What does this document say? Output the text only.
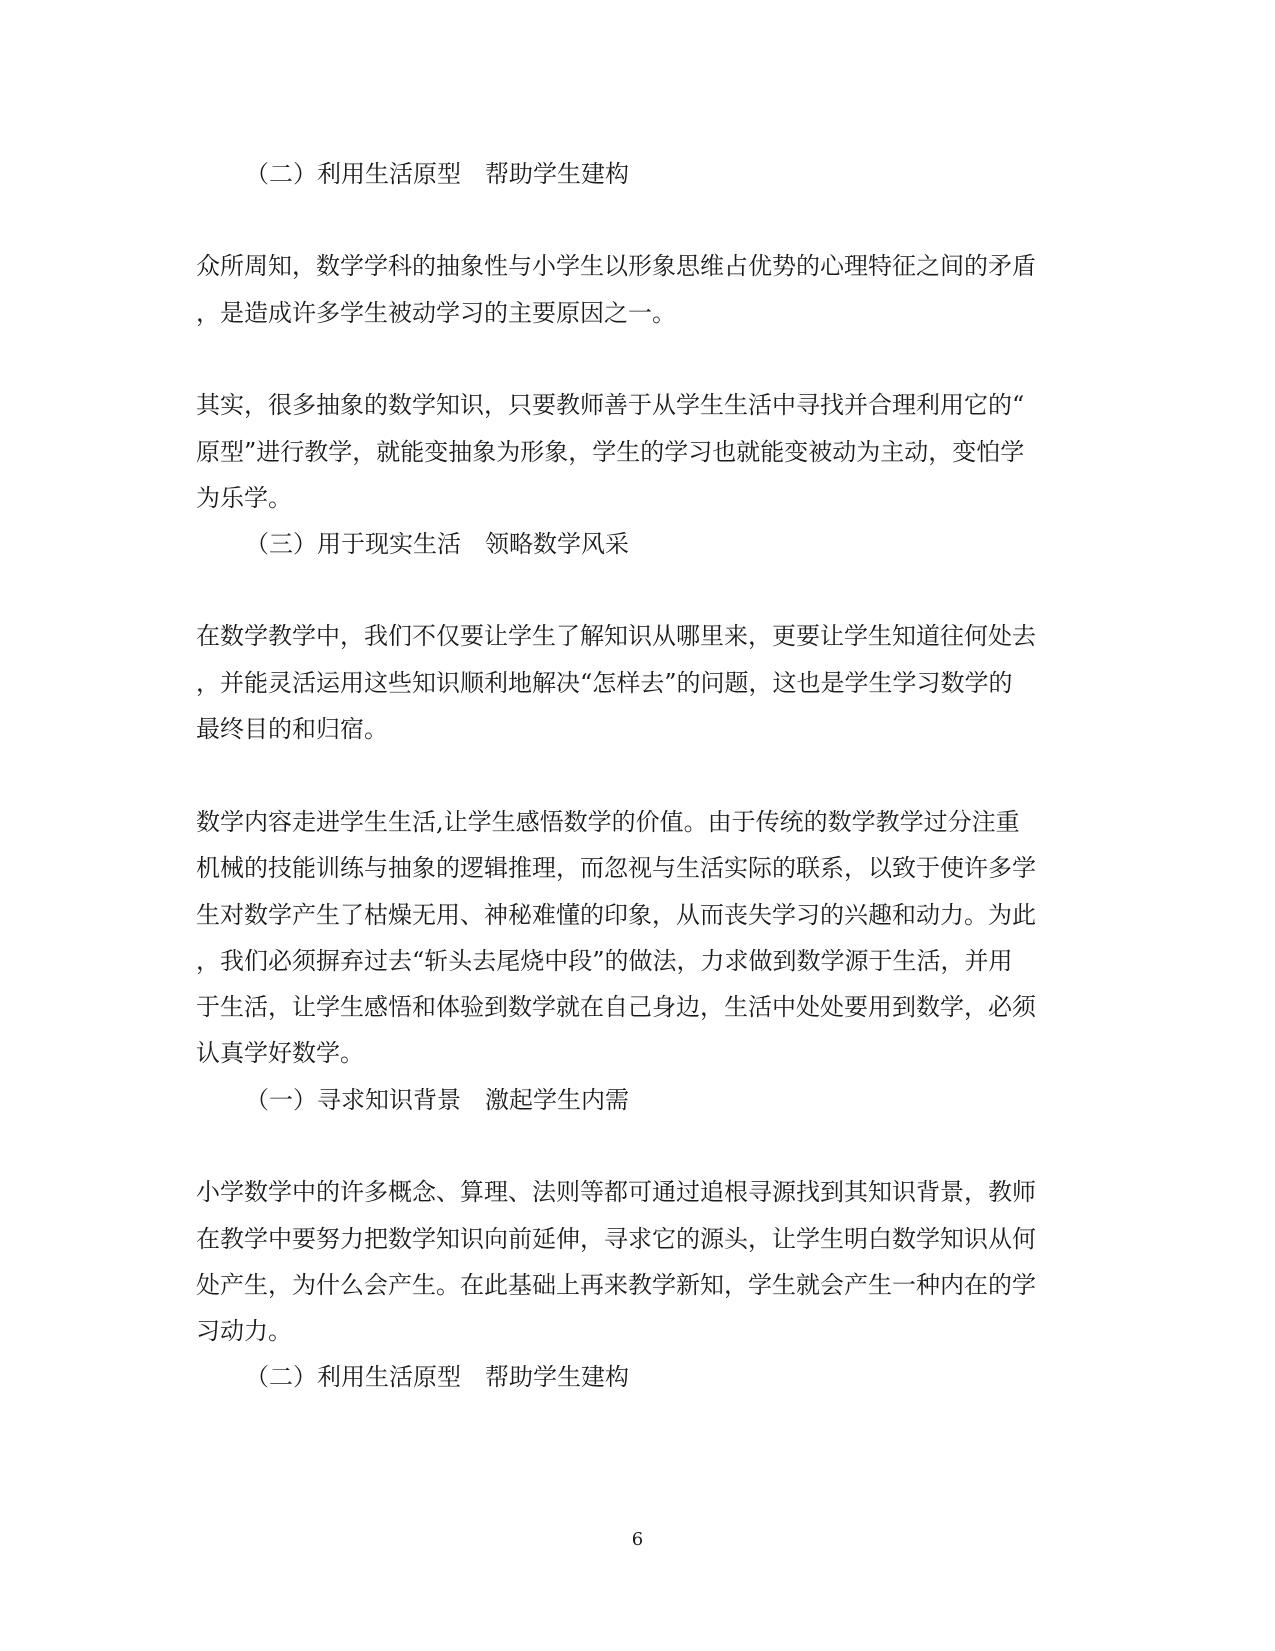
（二）利用生活原型　帮助学生建构
众所周知，数学学科的抽象性与小学生以形象思维占优势的心理特征之间的矛盾
，是造成许多学生被动学习的主要原因之一。
其实，很多抽象的数学知识，只要教师善于从学生生活中寻找并合理利用它的“
原型”进行教学，就能变抽象为形象，学生的学习也就能变被动为主动，变怕学
为乐学。
（三）用于现实生活　领略数学风采
在数学教学中，我们不仅要让学生了解知识从哪里来，更要让学生知道往何处去
，并能灵活运用这些知识顺利地解决“怎样去”的问题，这也是学生学习数学的
最终目的和归宿。
数学内容走进学生生活,让学生感悟数学的价值。由于传统的数学教学过分注重
机械的技能训练与抽象的逻辑推理，而忽视与生活实际的联系，以致于使许多学
生对数学产生了枯燥无用、神秘难懂的印象，从而丧失学习的兴趣和动力。为此
，我们必须摒弃过去“斩头去尾烧中段”的做法，力求做到数学源于生活，并用
于生活，让学生感悟和体验到数学就在自己身边，生活中处处要用到数学，必须
认真学好数学。
（一）寻求知识背景　激起学生内需
小学数学中的许多概念、算理、法则等都可通过追根寻源找到其知识背景，教师
在教学中要努力把数学知识向前延伸，寻求它的源头，让学生明白数学知识从何
处产生，为什么会产生。在此基础上再来教学新知，学生就会产生一种内在的学
习动力。
（二）利用生活原型　帮助学生建构
6
